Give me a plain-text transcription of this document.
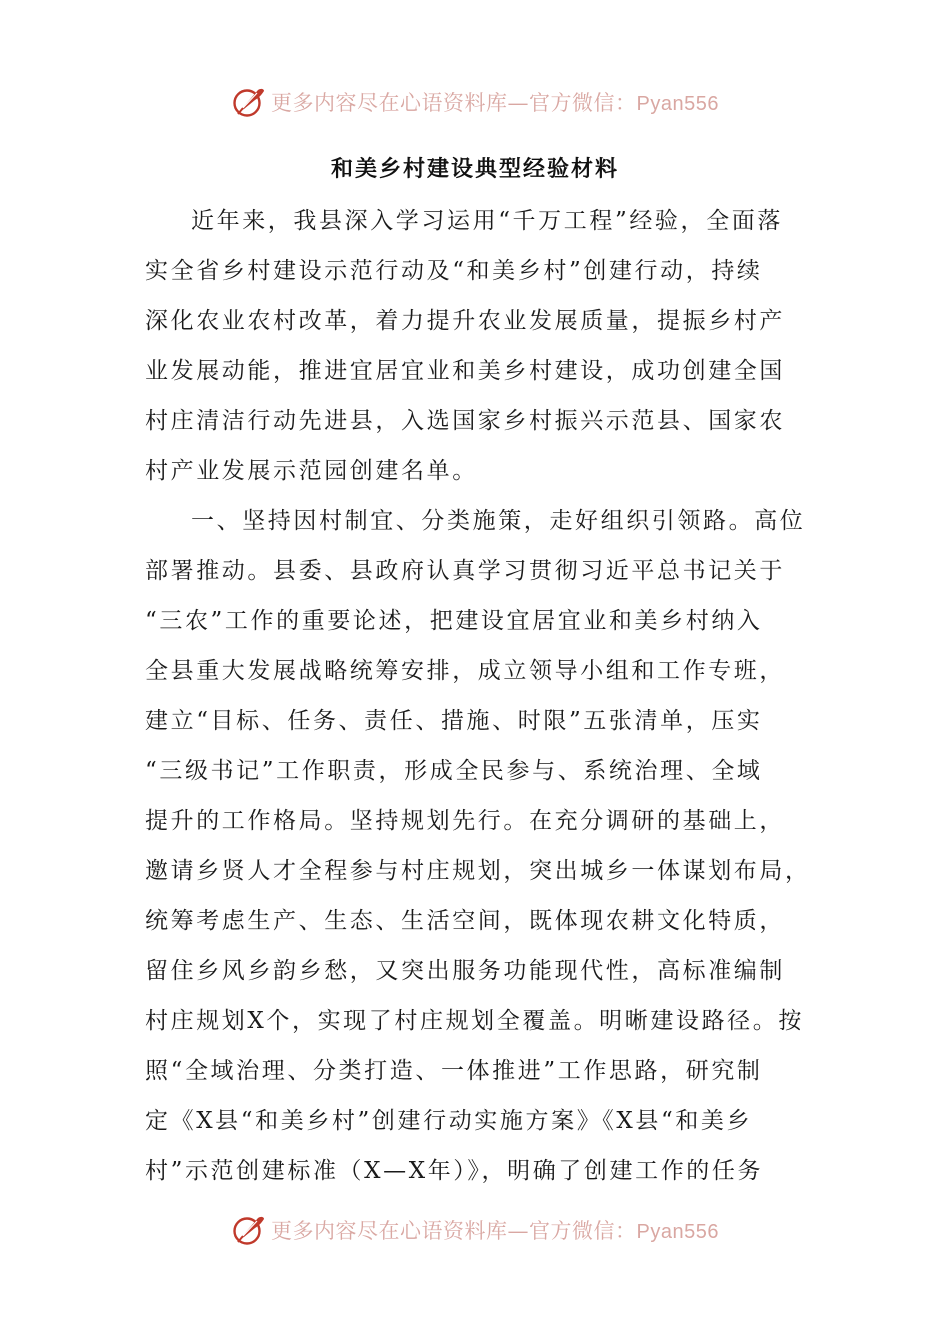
更多内容尽在心语资料库—官方微信：Pyan556
和美乡村建设典型经验材料
近年来，我县深入学习运用“千万工程”经验，全面落
实全省乡村建设示范行动及“和美乡村”创建行动，持续
深化农业农村改革，着力提升农业发展质量，提振乡村产
业发展动能，推进宜居宜业和美乡村建设，成功创建全国
村庄清洁行动先进县，入选国家乡村振兴示范县、国家农
村产业发展示范园创建名单。
一、坚持因村制宜、分类施策，走好组织引领路。高位
部署推动。县委、县政府认真学习贯彻习近平总书记关于
“三农”工作的重要论述，把建设宜居宜业和美乡村纳入
全县重大发展战略统筹安排，成立领导小组和工作专班，
建立“目标、任务、责任、措施、时限”五张清单，压实
“三级书记”工作职责，形成全民参与、系统治理、全域
提升的工作格局。坚持规划先行。在充分调研的基础上，
邀请乡贤人才全程参与村庄规划，突出城乡一体谋划布局，
统筹考虑生产、生态、生活空间，既体现农耕文化特质，
留住乡风乡韵乡愁，又突出服务功能现代性，高标准编制
村庄规划X个，实现了村庄规划全覆盖。明晰建设路径。按
照“全域治理、分类打造、一体推进”工作思路，研究制
定《X县“和美乡村”创建行动实施方案》《X县“和美乡
村”示范创建标准（X—X年）》，明确了创建工作的任务
更多内容尽在心语资料库—官方微信：Pyan556
